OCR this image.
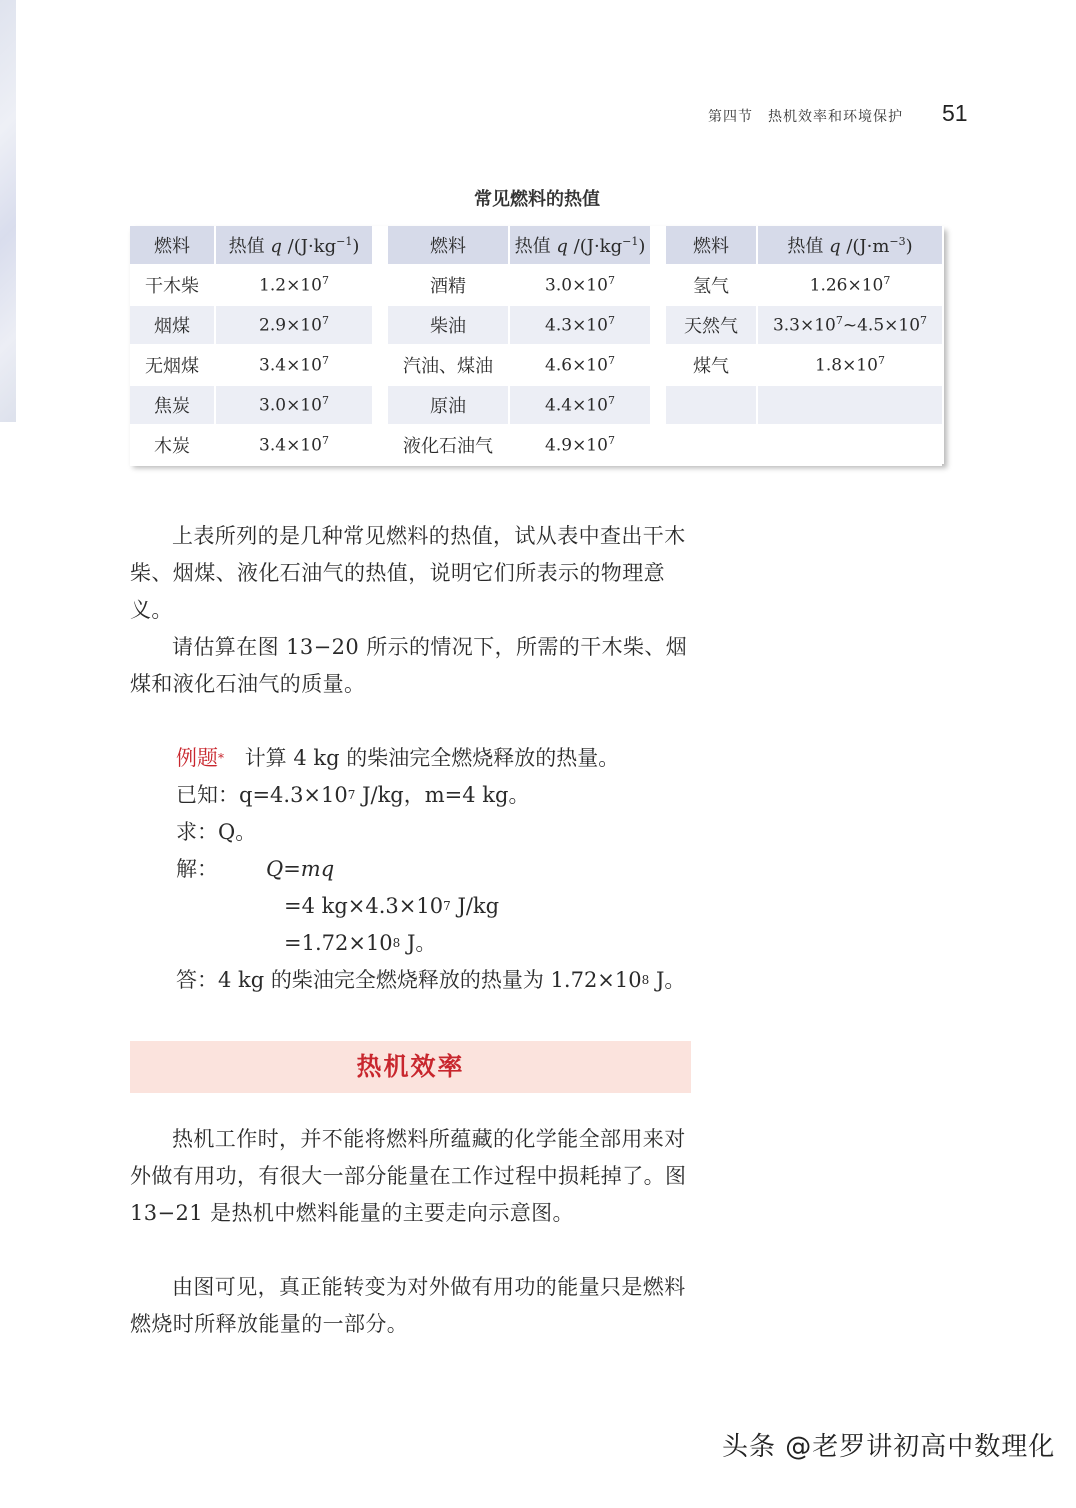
第四节　热机效率和环境保护 51
常见燃料的热值
燃料	热值 q $/(J\cdot kg^{-1})$		燃料	热值 q $/(J\cdot kg^{-1})$		燃料	热值 q $/(J\cdot m^{-3})$
干木柴	$1.2\times 10^7$		酒精	$3.0\times 10^7$		氢气	$1.26\times 10^7$
烟煤	$2.9\times 10^7$		柴油	$4.3\times 10^7$		天然气	$3.3\times 10^7\sim 4.5\times 10^7$
无烟煤	$3.4\times 10^7$		汽油、煤油	$4.6\times 10^7$		煤气	$1.8\times 10^7$
焦炭	$3.0\times 10^7$		原油	$4.4\times 10^7$			
木炭	$3.4\times 10^7$		液化石油气	$4.9\times 10^7$			

上表所列的是几种常见燃料的热值，试从表中查出干木柴、烟煤、液化石油气的热值，说明它们所表示的物理意义。

请估算在图 13−20 所示的情况下，所需的干木柴、烟煤和液化石油气的质量。

例题* 计算 4 kg 的柴油完全燃烧释放的热量。
已知：$q=4.3\times 10^7$ J/kg，m=4 kg。
求：Q。
解： Q=mq
=4 $kg\times 4.3\times 10^7$ J/kg
$=1.72\times 10^8$ J。
答：4 kg 的柴油完全燃烧释放的热量为 $1.72\times 10^8$ J。
热机效率

热机工作时，并不能将燃料所蕴藏的化学能全部用来对外做有用功，有很大一部分能量在工作过程中损耗掉了。图 13−21 是热机中燃料能量的主要走向示意图。

由图可见，真正能转变为对外做有用功的能量只是燃料燃烧时所释放能量的一部分。

头条 @老罗讲初高中数理化
